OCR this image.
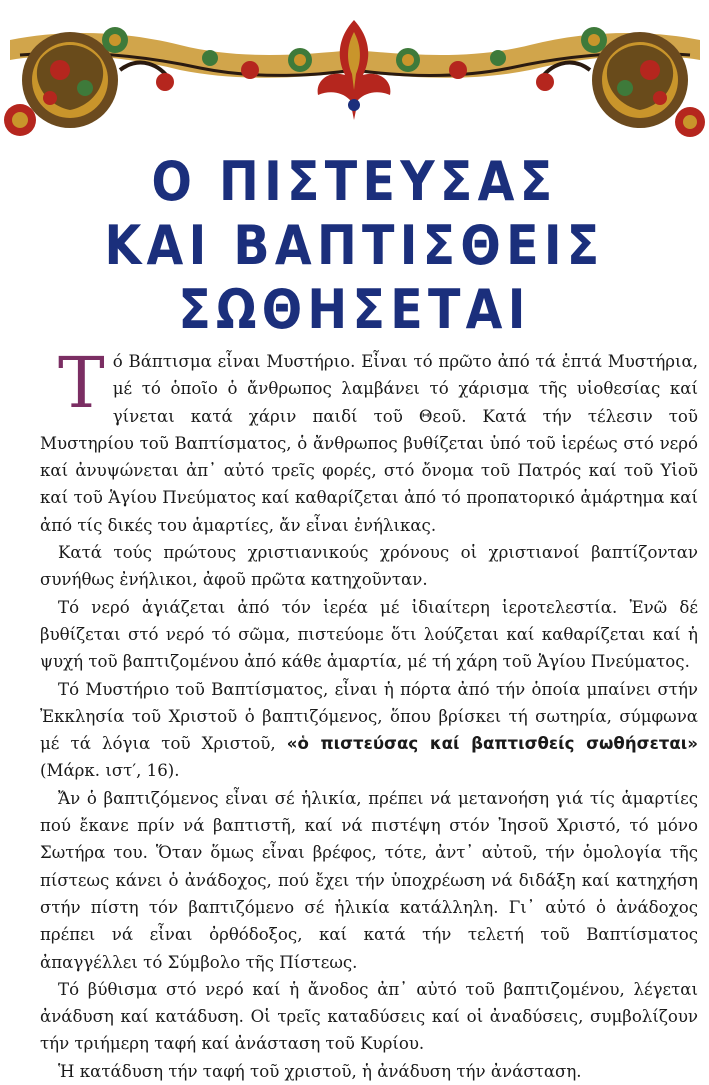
Ο ΠΙΣΤΕΥΣΑΣ
ΚΑΙ ΒΑΠΤΙΣΘΕΙΣ
ΣΩΘΗΣΕΤΑΙ

Τό Βάπτισμα εἶναι Μυστήριο. Εἶναι τό πρῶτο ἀπό τά ἑπτά Μυστήρια, μέ τό ὁποῖο ὁ ἄνθρωπος λαμβάνει τό χάρισμα τῆς υἱοθεσίας καί γίνεται κατά χάριν παιδί τοῦ Θεοῦ. Κατά τήν τέλεσιν τοῦ Μυστηρίου τοῦ Βαπτίσματος, ὁ ἄνθρωπος βυθίζεται ὑπό τοῦ ἱερέως στό νερό καί ἀνυψώνεται ἀπ᾽ αὐτό τρεῖς φορές, στό ὄνομα τοῦ Πατρός καί τοῦ Υἱοῦ καί τοῦ Ἁγίου Πνεύματος καί καθαρίζεται ἀπό τό προπατορικό ἁμάρτημα καί ἀπό τίς δικές του ἁμαρτίες, ἄν εἶναι ἐνήλικας.

Κατά τούς πρώτους χριστιανικούς χρόνους οἱ χριστιανοί βαπτίζονταν συνήθως ἐνήλικοι, ἀφοῦ πρῶτα κατηχοῦνταν.

Τό νερό ἁγιάζεται ἀπό τόν ἱερέα μέ ἰδιαίτερη ἱεροτελεστία. Ἐνῶ δέ βυθίζεται στό νερό τό σῶμα, πιστεύομε ὅτι λούζεται καί καθαρίζεται καί ἡ ψυχή τοῦ βαπτιζομένου ἀπό κάθε ἁμαρτία, μέ τή χάρη τοῦ Ἁγίου Πνεύματος.

Τό Μυστήριο τοῦ Βαπτίσματος, εἶναι ἡ πόρτα ἀπό τήν ὁποία μπαίνει στήν Ἐκκλησία τοῦ Χριστοῦ ὁ βαπτιζόμενος, ὅπου βρίσκει τή σωτηρία, σύμφωνα μέ τά λόγια τοῦ Χριστοῦ, «ὁ πιστεύσας καί βαπτισθείς σωθήσεται» (Μάρκ. ιστ′, 16).

Ἄν ὁ βαπτιζόμενος εἶναι σέ ἡλικία, πρέπει νά μετανοήση γιά τίς ἁμαρτίες πού ἔκανε πρίν νά βαπτιστῆ, καί νά πιστέψη στόν Ἰησοῦ Χριστό, τό μόνο Σωτήρα του. Ὅταν ὅμως εἶναι βρέφος, τότε, ἀντ᾽ αὐτοῦ, τήν ὁμολογία τῆς πίστεως κάνει ὁ ἀνάδοχος, πού ἔχει τήν ὑποχρέωση νά διδάξη καί κατηχήση στήν πίστη τόν βαπτιζόμενο σέ ἡλικία κατάλληλη. Γι᾽ αὐτό ὁ ἀνάδοχος πρέπει νά εἶναι ὀρθόδοξος, καί κατά τήν τελετή τοῦ Βαπτίσματος ἀπαγγέλλει τό Σύμβολο τῆς Πίστεως.

Τό βύθισμα στό νερό καί ἡ ἄνοδος ἀπ᾽ αὐτό τοῦ βαπτιζομένου, λέγεται ἀνάδυση καί κατάδυση. Οἱ τρεῖς καταδύσεις καί οἱ ἀναδύσεις, συμβολίζουν τήν τριήμερη ταφή καί ἀνάσταση τοῦ Κυρίου.

Ἡ κατάδυση τήν ταφή τοῦ χριστοῦ, ἡ ἀνάδυση τήν ἀνάσταση.
